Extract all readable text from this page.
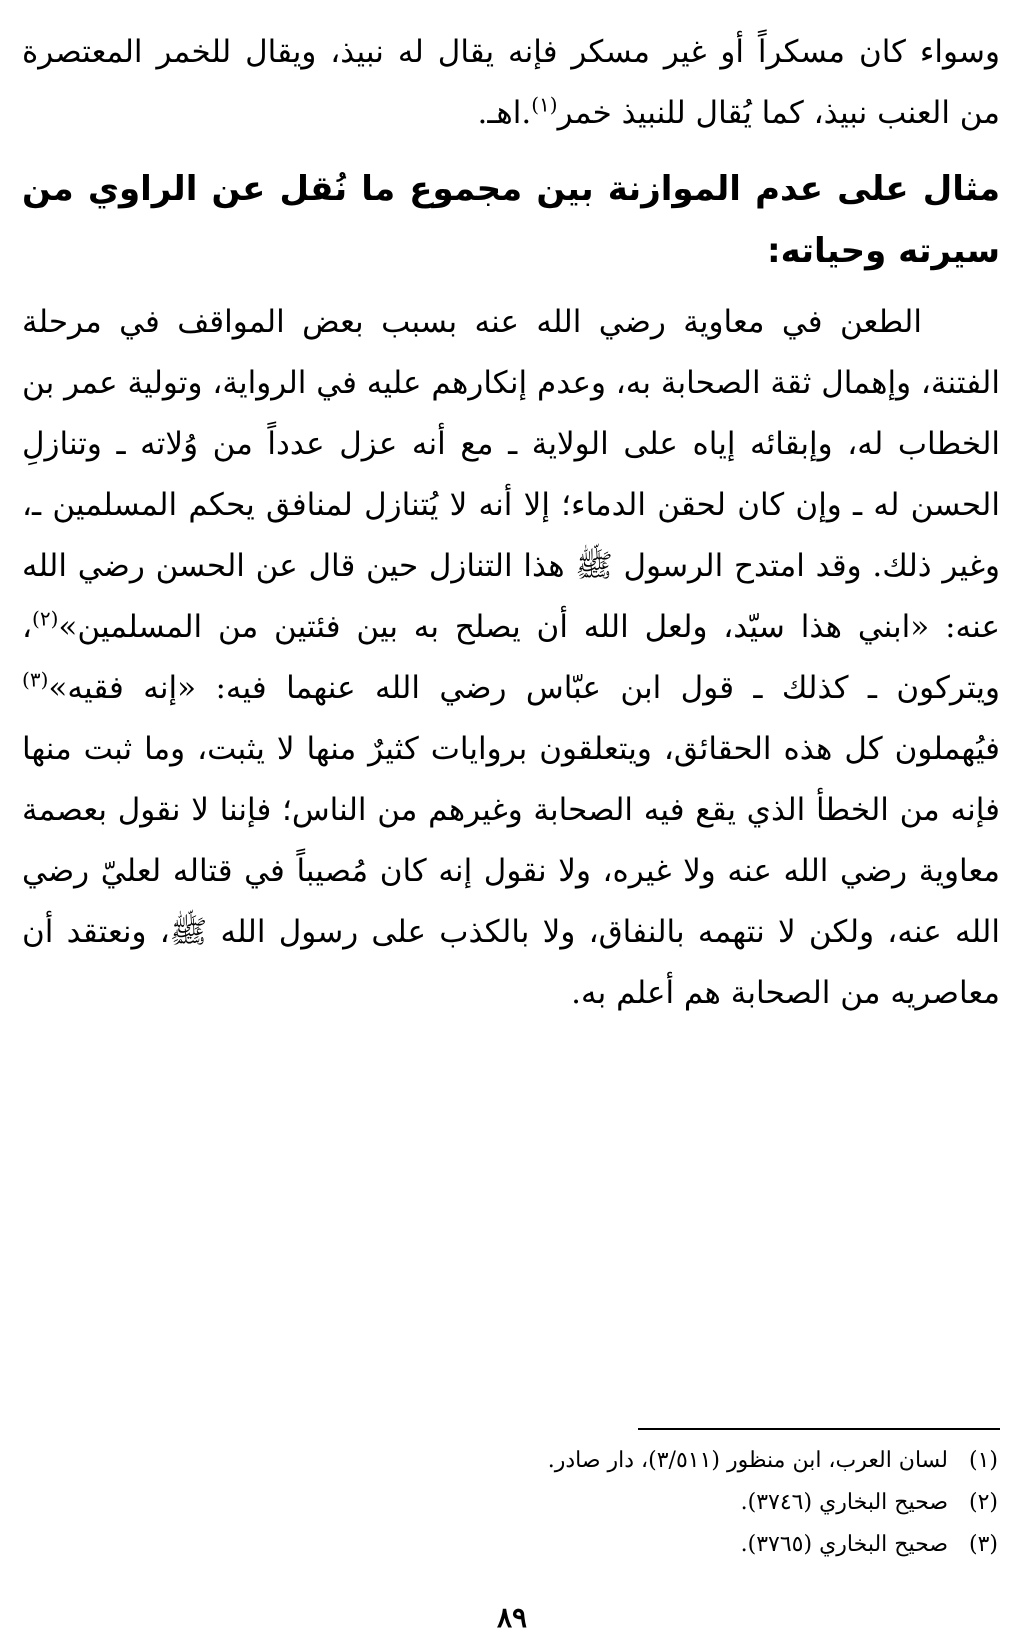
وسواء كان مسكراً أو غير مسكر فإنه يقال له نبيذ، ويقال للخمر المعتصرة من العنب نبيذ، كما يُقال للنبيذ خمر$^{(١)}$.اهـ.

مثال على عدم الموازنة بين مجموع ما نُقل عن الراوي من سيرته وحياته:

الطعن في معاوية رضي الله عنه بسبب بعض المواقف في مرحلة الفتنة، وإهمال ثقة الصحابة به، وعدم إنكارهم عليه في الرواية، وتولية عمر بن الخطاب له، وإبقائه إياه على الولاية ـ مع أنه عزل عدداً من وُلاته ـ وتنازلِ الحسن له ـ وإن كان لحقن الدماء؛ إلا أنه لا يُتنازل لمنافق يحكم المسلمين ـ، وغير ذلك. وقد امتدح الرسول ﷺ هذا التنازل حين قال عن الحسن رضي الله عنه: «ابني هذا سيّد، ولعل الله أن يصلح به بين فئتين من المسلمين»$^{(٢)}$، ويتركون ـ كذلك ـ قول ابن عبّاس رضي الله عنهما فيه: «إنه فقيه»$^{(٣)}$ فيُهملون كل هذه الحقائق، ويتعلقون بروايات كثيرٌ منها لا يثبت، وما ثبت منها فإنه من الخطأ الذي يقع فيه الصحابة وغيرهم من الناس؛ فإننا لا نقول بعصمة معاوية رضي الله عنه ولا غيره، ولا نقول إنه كان مُصيباً في قتاله لعليّ رضي الله عنه، ولكن لا نتهمه بالنفاق، ولا بالكذب على رسول الله ﷺ، ونعتقد أن معاصريه من الصحابة هم أعلم به.

(١)لسان العرب، ابن منظور (٣/٥١١)، دار صادر.
(٢)صحيح البخاري (٣٧٤٦).
(٣)صحيح البخاري (٣٧٦٥).
٨٩
